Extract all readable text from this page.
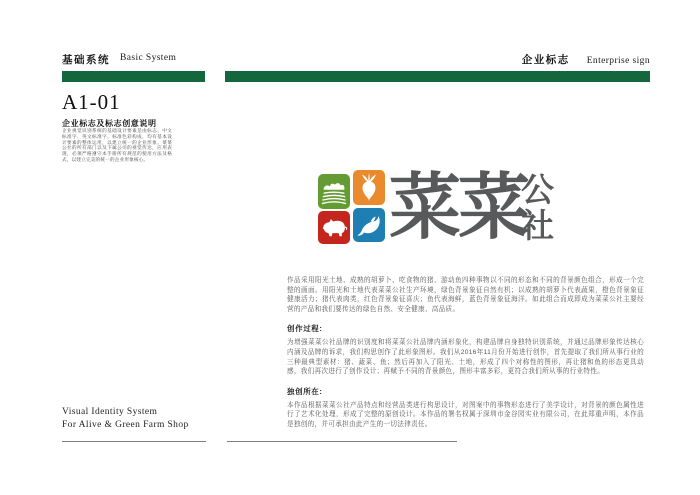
基础系统 Basic System	企业标志 Enterprise sign
A1-01
企业标志及标志创意说明
企业视觉识别系统的基础设计要素是由标志、中文标准字、英文标准字、标准色彩构成，均有基本设计要素的整体运用，以建立统一的企业形象。菜菜公社的所有部门以及下属公司的视觉传达，应用表现，必须严格遵守本手册所有规范的使用方法及格式，以建立完美的统一的企业形象核心。
菜菜
公
社

作品采用阳光土地、成熟的胡萝卜、吃食物的猪、游动鱼四种事物以不同的形态和不同的背景颜色组合，形成一个完整的画面。用阳光和土地代表菜菜公社生产环境，绿色背景象征自然有机；以成熟的胡萝卜代表蔬果，橙色背景象征健康活力；猪代表肉类，红色背景象征喜庆；鱼代表海鲜，蓝色背景象征海洋。如此组合而成即成为菜菜公社主要经营的产品和我们要传达的绿色自然、安全健康、高品质。

创作过程:

为增强菜菜公社品牌的识别度和将菜菜公社品牌内涵形象化，构建品牌自身独特识别系统，并通过品牌形象传达核心内涵及品牌的诉求，我们构思创作了此形象图形。我们从2016年11月份开始进行创作，首先提取了我们所从事行业的三种最典型素材：猪、蔬菜、鱼；然后再加入了阳光、土地，形成了四个对称性的图形，再让猪和鱼的形态更具动感，我们再次进行了创作设计；再赋予不同的背景颜色，图形丰富多彩，更符合我们所从事的行业特性。

独创所在:

本作品根据菜菜公社产品特点和经营品类进行构思设计，对图案中的事物形态进行了美学设计，对背景的颜色属性进行了艺术化处理，形成了完整的原创设计。本作品的署名权属于深圳市金谷园实业有限公司，在此郑重声明，本作品是独创的，并可承担由此产生的一切法律责任。

Visual Identity System
For Alive & Green Farm Shop
